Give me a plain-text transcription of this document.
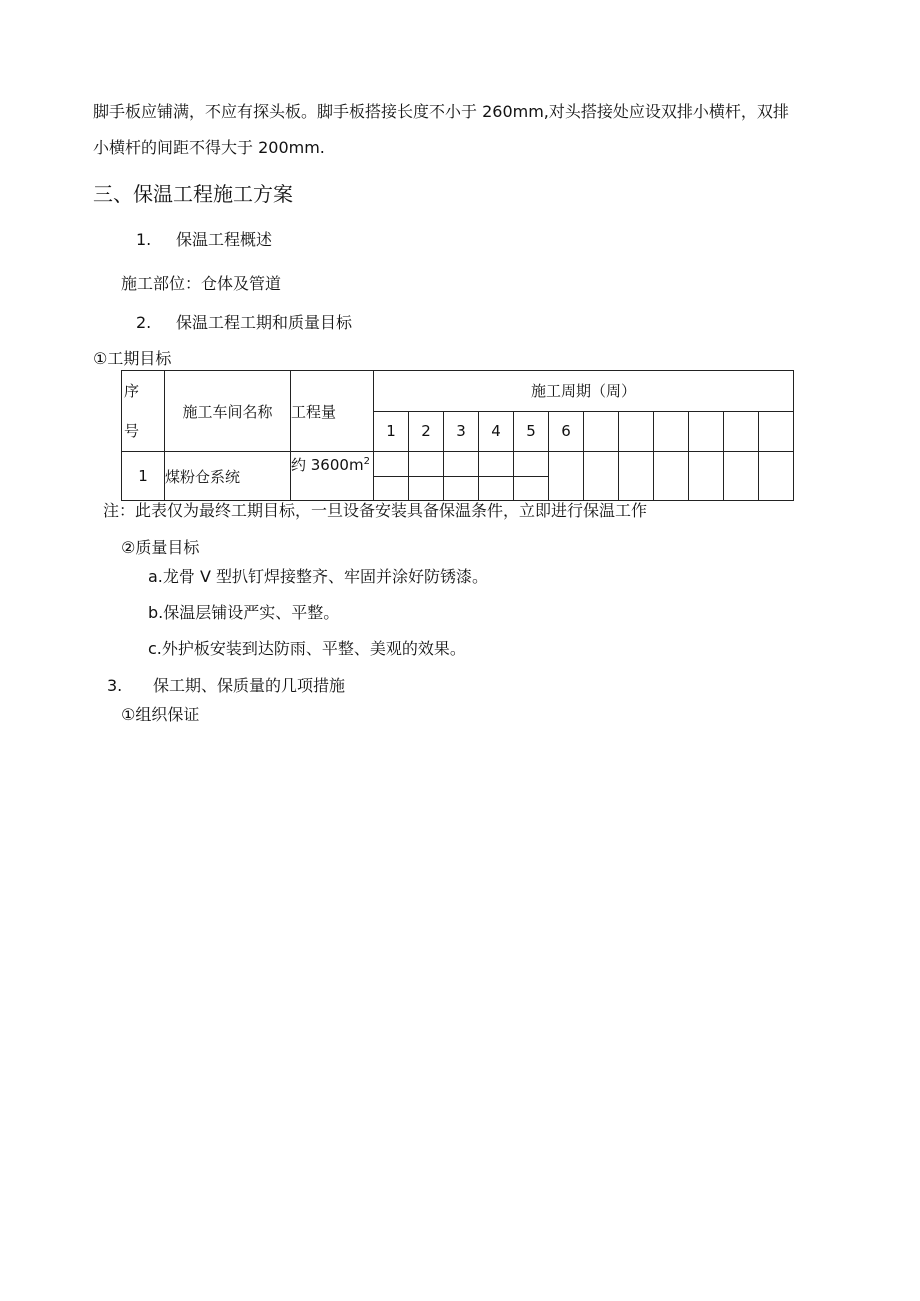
脚手板应铺满，不应有探头板。脚手板搭接长度不小于 260mm,对头搭接处应设双排小横杆，双排
小横杆的间距不得大于 200mm.
三、保温工程施工方案
1. 保温工程概述
施工部位：仓体及管道
2. 保温工程工期和质量目标
①工期目标
序
号	施工车间名称	工程量	施工周期（周）											
			1	2	3	4	5	6						
1	煤粉仓系统	约 $3600m^2$												

注：此表仅为最终工期目标，一旦设备安装具备保温条件，立即进行保温工作
②质量目标
a.龙骨 V 型扒钉焊接整齐、牢固并涂好防锈漆。
b.保温层铺设严实、平整。
c.外护板安装到达防雨、平整、美观的效果。
3. 保工期、保质量的几项措施
①组织保证
